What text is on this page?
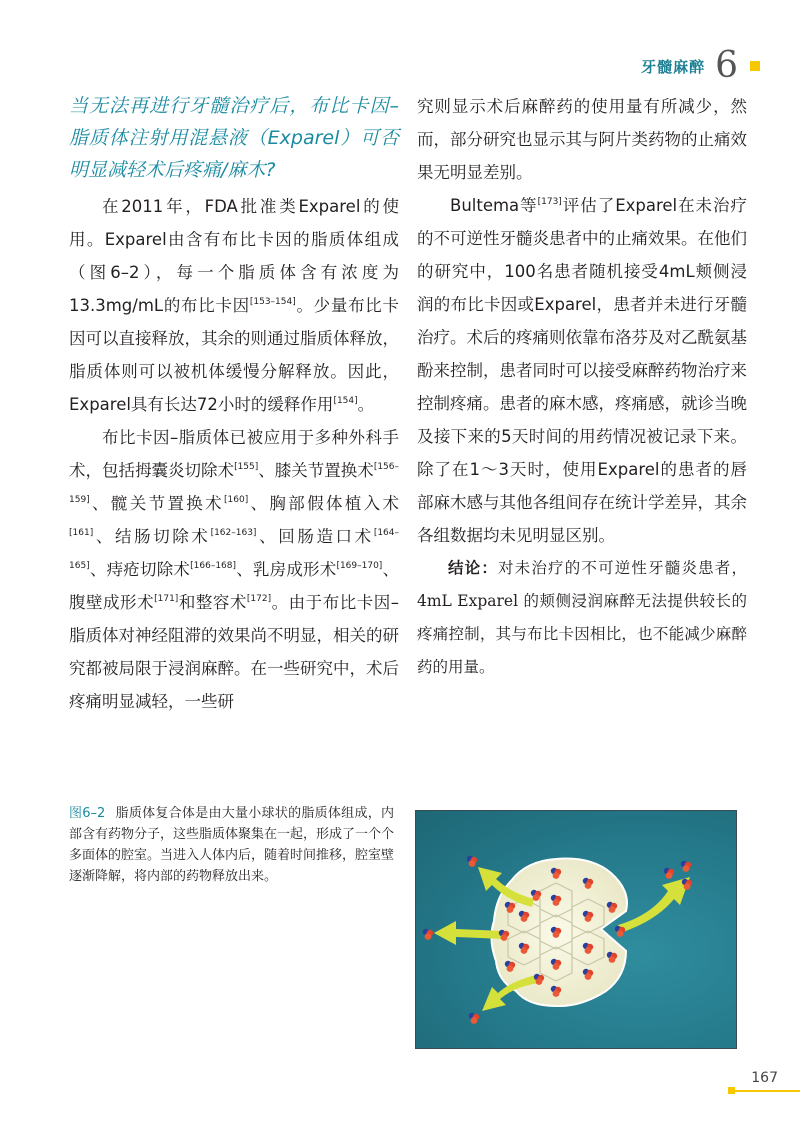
牙髓麻醉 6

当无法再进行牙髓治疗后，布比卡因–脂质体注射用混悬液（Exparel）可否明显减轻术后疼痛/麻木?

在2011年，FDA批准类Exparel的使用。Exparel由含有布比卡因的脂质体组成（图6–2），每一个脂质体含有浓度为13.3mg/mL的布比卡因[153–154]。少量布比卡因可以直接释放，其余的则通过脂质体释放，脂质体则可以被机体缓慢分解释放。因此，Exparel具有长达72小时的缓释作用[154]。

布比卡因–脂质体已被应用于多种外科手术，包括拇囊炎切除术[155]、膝关节置换术[156–159]、髋关节置换术[160]、胸部假体植入术[161]、结肠切除术[162–163]、回肠造口术[164–165]、痔疮切除术[166–168]、乳房成形术[169–170]、腹壁成形术[171]和整容术[172]。由于布比卡因–脂质体对神经阻滞的效果尚不明显，相关的研究都被局限于浸润麻醉。在一些研究中，术后疼痛明显减轻，一些研

究则显示术后麻醉药的使用量有所减少，然而，部分研究也显示其与阿片类药物的止痛效果无明显差别。

Bultema等[173]评估了Exparel在未治疗的不可逆性牙髓炎患者中的止痛效果。在他们的研究中，100名患者随机接受4mL颊侧浸润的布比卡因或Exparel，患者并未进行牙髓治疗。术后的疼痛则依靠布洛芬及对乙酰氨基酚来控制，患者同时可以接受麻醉药物治疗来控制疼痛。患者的麻木感，疼痛感，就诊当晚及接下来的5天时间的用药情况被记录下来。除了在1～3天时，使用Exparel的患者的唇部麻木感与其他各组间存在统计学差异，其余各组数据均未见明显区别。

结论：对未治疗的不可逆性牙髓炎患者，4mL Exparel 的颊侧浸润麻醉无法提供较长的疼痛控制，其与布比卡因相比，也不能减少麻醉药的用量。

图6–2 脂质体复合体是由大量小球状的脂质体组成，内部含有药物分子，这些脂质体聚集在一起，形成了一个个多面体的腔室。当进入人体内后，随着时间推移，腔室壁逐渐降解，将内部的药物释放出来。
167
